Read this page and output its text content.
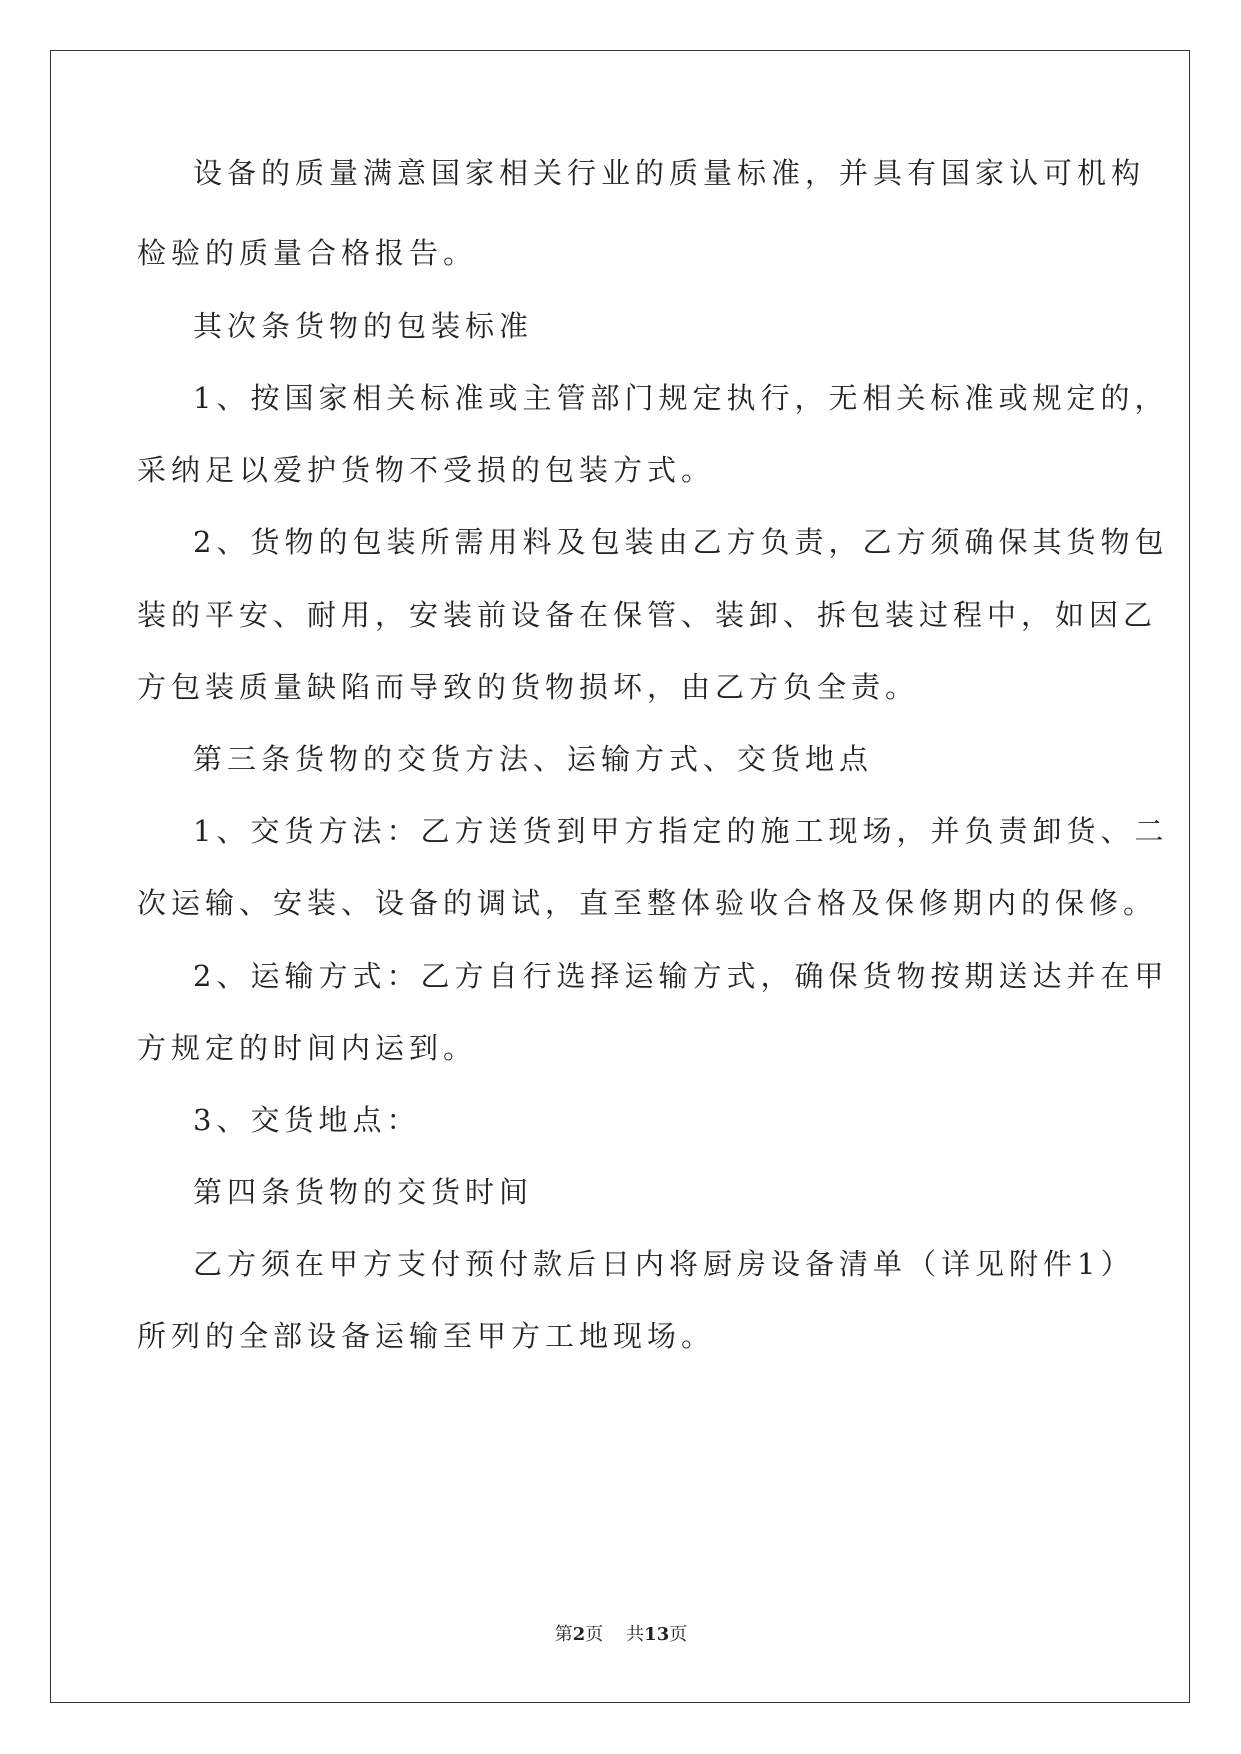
设备的质量满意国家相关行业的质量标准，并具有国家认可机构

检验的质量合格报告。

其次条货物的包装标准

1、按国家相关标准或主管部门规定执行，无相关标准或规定的，

采纳足以爱护货物不受损的包装方式。

2、货物的包装所需用料及包装由乙方负责，乙方须确保其货物包

装的平安、耐用，安装前设备在保管、装卸、拆包装过程中，如因乙

方包装质量缺陷而导致的货物损坏，由乙方负全责。

第三条货物的交货方法、运输方式、交货地点

1、交货方法：乙方送货到甲方指定的施工现场，并负责卸货、二

次运输、安装、设备的调试，直至整体验收合格及保修期内的保修。

2、运输方式：乙方自行选择运输方式，确保货物按期送达并在甲

方规定的时间内运到。

3、交货地点：

第四条货物的交货时间

乙方须在甲方支付预付款后日内将厨房设备清单（详见附件1）

所列的全部设备运输至甲方工地现场。

第2页 共13页
